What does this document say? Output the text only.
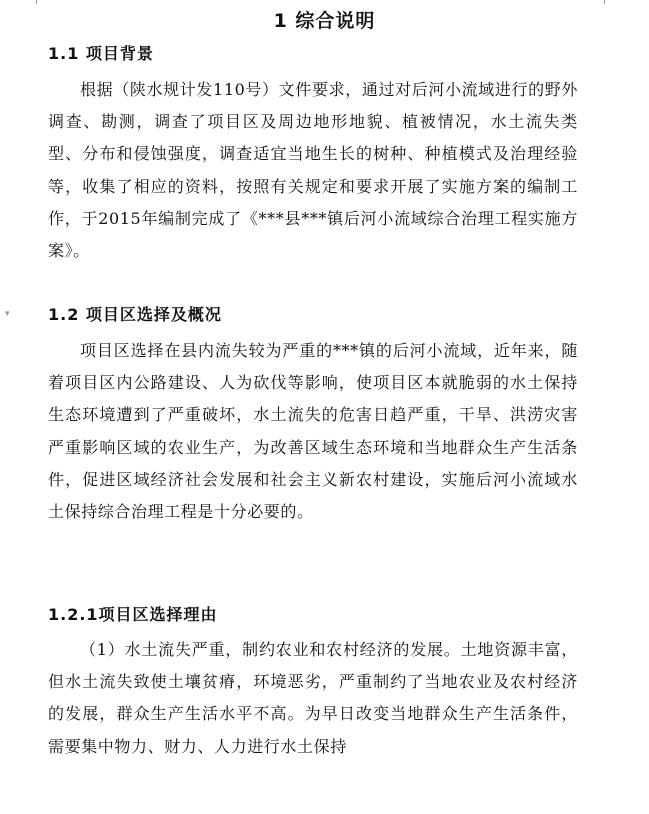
▾
1 综合说明
1.1 项目背景

根据（陕水规计发110号）文件要求，通过对后河小流域进行的野外调查、勘测，调查了项目区及周边地形地貌、植被情况，水土流失类型、分布和侵蚀强度，调查适宜当地生长的树种、种植模式及治理经验等，收集了相应的资料，按照有关规定和要求开展了实施方案的编制工作，于2015年编制完成了《***县***镇后河小流域综合治理工程实施方案》。

1.2 项目区选择及概况

项目区选择在县内流失较为严重的***镇的后河小流域，近年来，随着项目区内公路建设、人为砍伐等影响，使项目区本就脆弱的水土保持生态环境遭到了严重破坏，水土流失的危害日趋严重，干旱、洪涝灾害严重影响区域的农业生产，为改善区域生态环境和当地群众生产生活条件，促进区域经济社会发展和社会主义新农村建设，实施后河小流域水土保持综合治理工程是十分必要的。

1.2.1项目区选择理由

（1）水土流失严重，制约农业和农村经济的发展。土地资源丰富，但水土流失致使土壤贫瘠，环境恶劣，严重制约了当地农业及农村经济的发展，群众生产生活水平不高。为早日改变当地群众生产生活条件，需要集中物力、财力、人力进行水土保持
